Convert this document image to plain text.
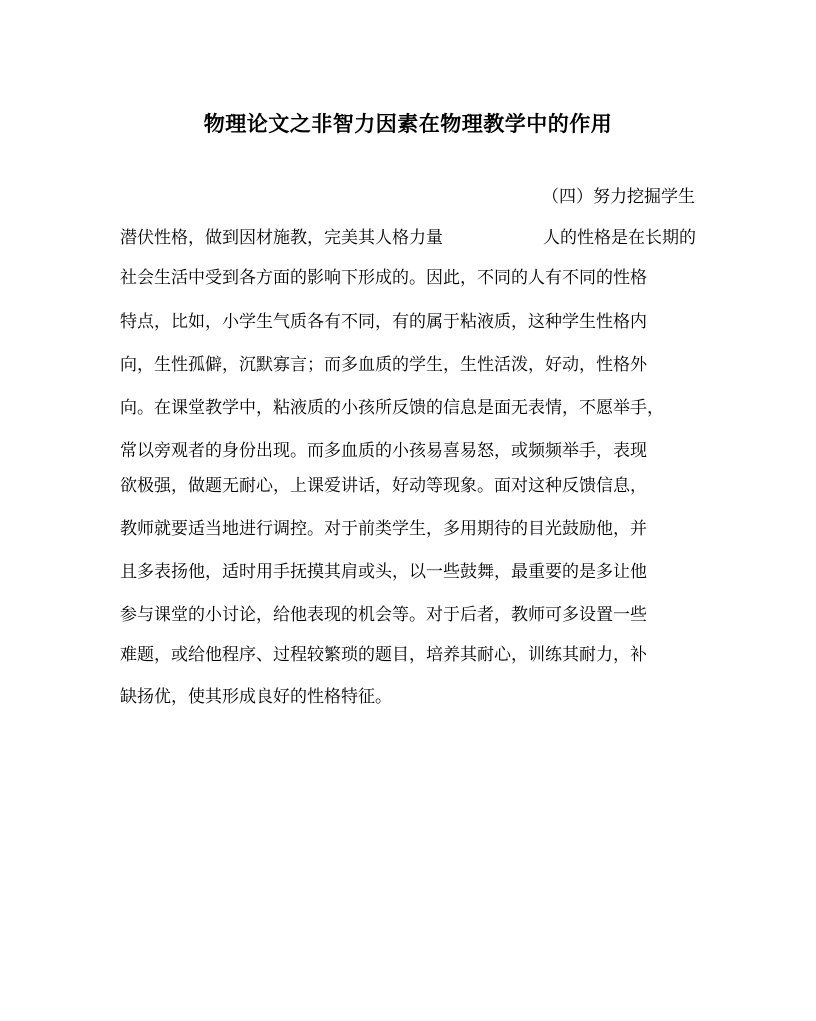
物理论文之非智力因素在物理教学中的作用

（四）努力挖掘学生

潜伏性格，做到因材施教，完美其人格力量	人的性格是在长期的
社会生活中受到各方面的影响下形成的。因此，不同的人有不同的性格
特点，比如，小学生气质各有不同，有的属于粘液质，这种学生性格内
向，生性孤僻，沉默寡言；而多血质的学生，生性活泼，好动，性格外
向。在课堂教学中，粘液质的小孩所反馈的信息是面无表情，不愿举手，
常以旁观者的身份出现。而多血质的小孩易喜易怒，或频频举手，表现
欲极强，做题无耐心，上课爱讲话，好动等现象。面对这种反馈信息，
教师就要适当地进行调控。对于前类学生，多用期待的目光鼓励他，并
且多表扬他，适时用手抚摸其肩或头，以一些鼓舞，最重要的是多让他
参与课堂的小讨论，给他表现的机会等。对于后者，教师可多设置一些
难题，或给他程序、过程较繁琐的题目，培养其耐心，训练其耐力，补
缺扬优，使其形成良好的性格特征。
